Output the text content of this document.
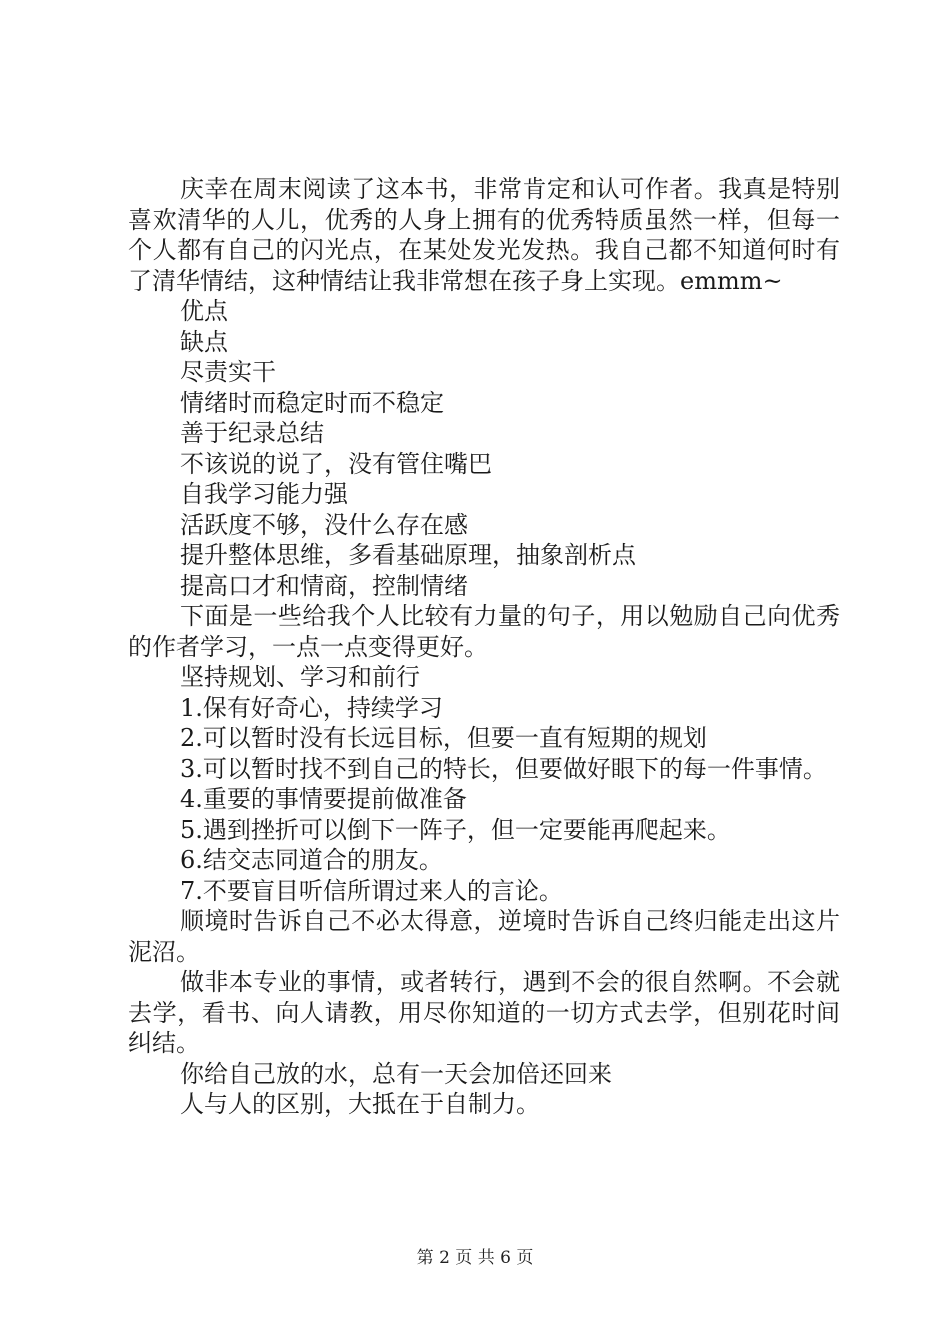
庆幸在周末阅读了这本书，非常肯定和认可作者。我真是特别喜欢清华的人儿，优秀的人身上拥有的优秀特质虽然一样，但每一个人都有自己的闪光点，在某处发光发热。我自己都不知道何时有了清华情结，这种情结让我非常想在孩子身上实现。emmm~

优点

缺点

尽责实干

情绪时而稳定时而不稳定

善于纪录总结

不该说的说了，没有管住嘴巴

自我学习能力强

活跃度不够，没什么存在感

提升整体思维，多看基础原理，抽象剖析点

提高口才和情商，控制情绪

下面是一些给我个人比较有力量的句子，用以勉励自己向优秀的作者学习，一点一点变得更好。

坚持规划、学习和前行

1.保有好奇心，持续学习

2.可以暂时没有长远目标，但要一直有短期的规划

3.可以暂时找不到自己的特长，但要做好眼下的每一件事情。

4.重要的事情要提前做准备

5.遇到挫折可以倒下一阵子，但一定要能再爬起来。

6.结交志同道合的朋友。

7.不要盲目听信所谓过来人的言论。

顺境时告诉自己不必太得意，逆境时告诉自己终归能走出这片泥沼。

做非本专业的事情，或者转行，遇到不会的很自然啊。不会就去学，看书、向人请教，用尽你知道的一切方式去学，但别花时间纠结。

你给自己放的水，总有一天会加倍还回来

人与人的区别，大抵在于自制力。

第 2 页 共 6 页
